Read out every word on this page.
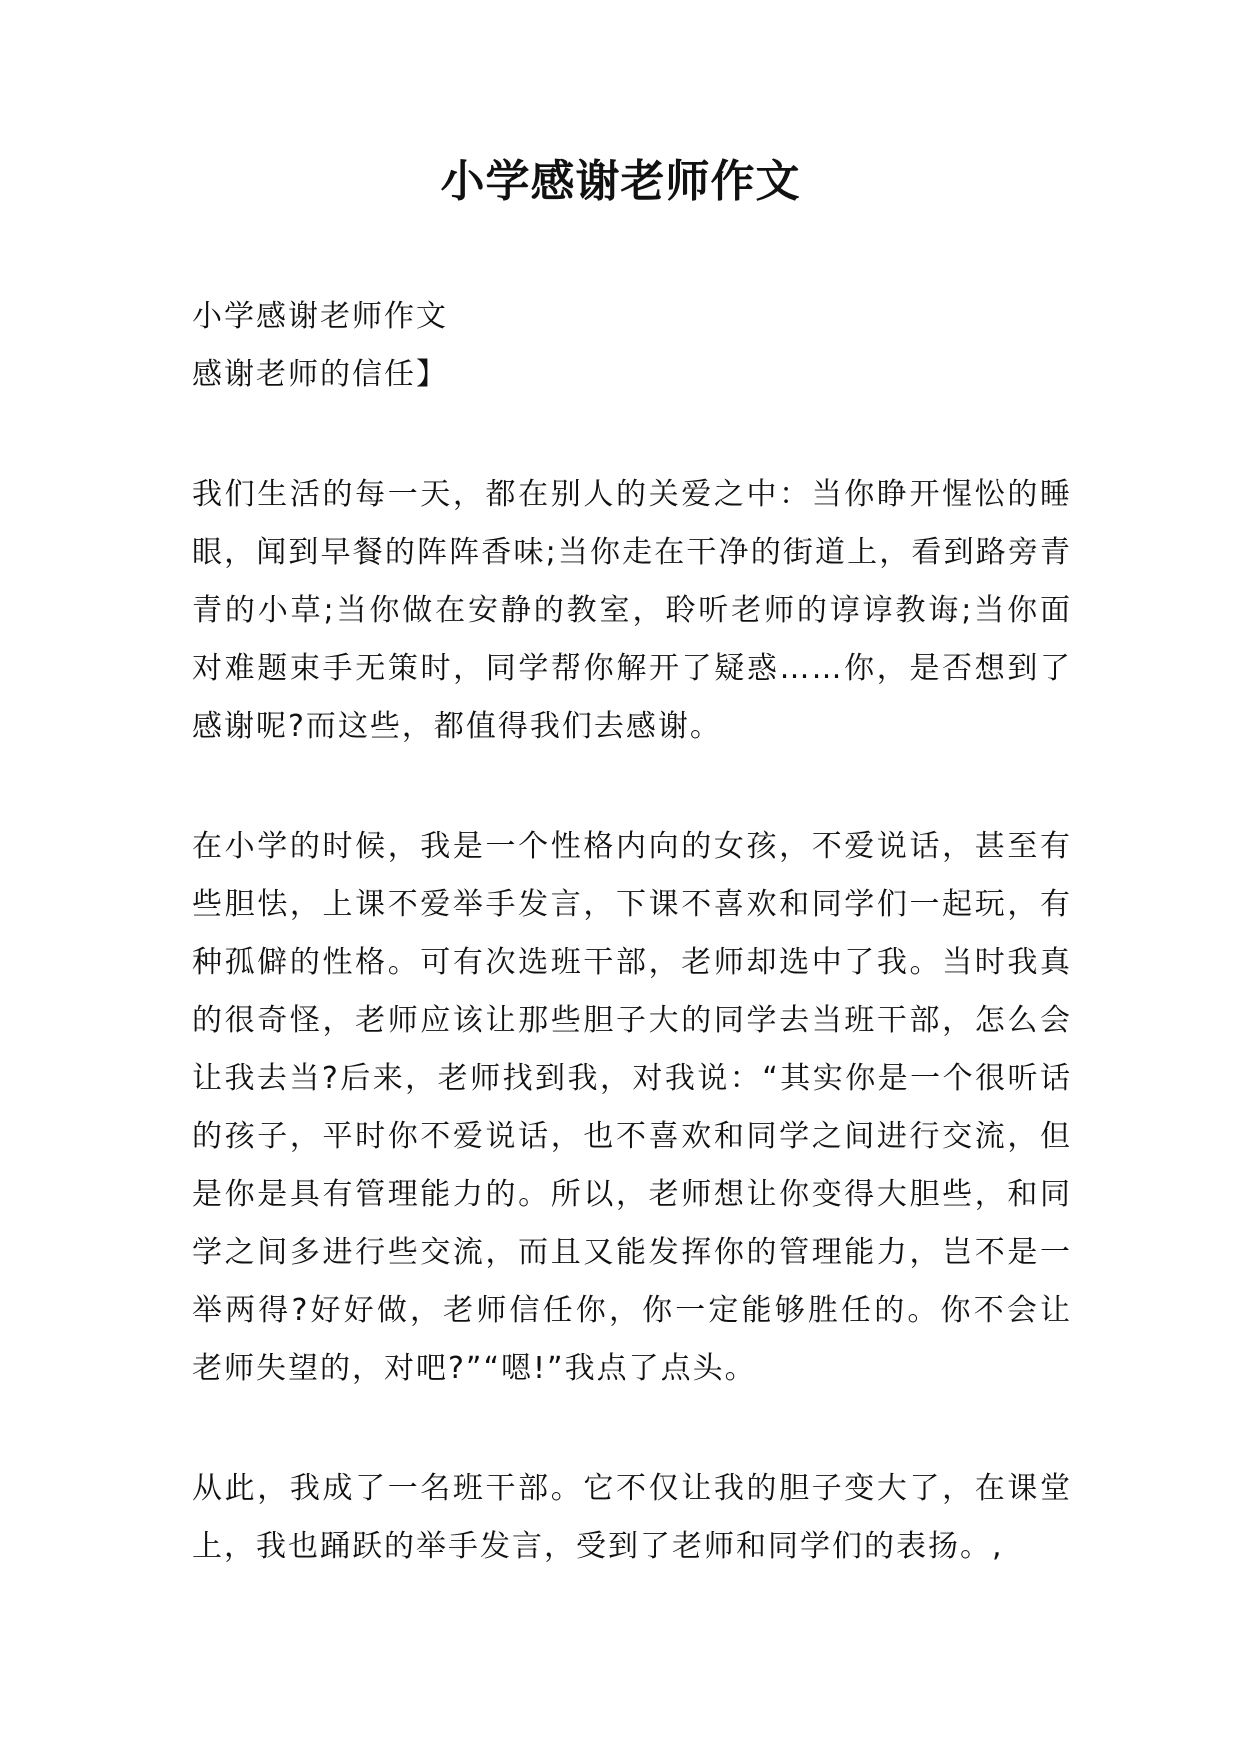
小学感谢老师作文

小学感谢老师作文

感谢老师的信任】

我们生活的每一天，都在别人的关爱之中：当你睁开惺忪的睡眼，闻到早餐的阵阵香味;当你走在干净的街道上，看到路旁青青的小草;当你做在安静的教室，聆听老师的谆谆教诲;当你面对难题束手无策时，同学帮你解开了疑惑……你，是否想到了感谢呢?而这些，都值得我们去感谢。

在小学的时候，我是一个性格内向的女孩，不爱说话，甚至有些胆怯，上课不爱举手发言，下课不喜欢和同学们一起玩，有种孤僻的性格。可有次选班干部，老师却选中了我。当时我真的很奇怪，老师应该让那些胆子大的同学去当班干部，怎么会让我去当?后来，老师找到我，对我说：“其实你是一个很听话的孩子，平时你不爱说话，也不喜欢和同学之间进行交流，但是你是具有管理能力的。所以，老师想让你变得大胆些，和同学之间多进行些交流，而且又能发挥你的管理能力，岂不是一举两得?好好做，老师信任你，你一定能够胜任的。你不会让老师失望的，对吧?”“嗯!”我点了点头。

从此，我成了一名班干部。它不仅让我的胆子变大了，在课堂上，我也踊跃的举手发言，受到了老师和同学们的表扬。,
